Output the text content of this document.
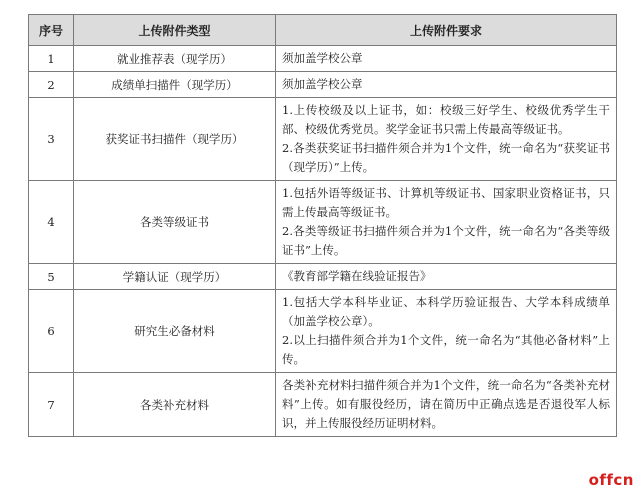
序号	上传附件类型	上传附件要求
1	就业推荐表（现学历）	须加盖学校公章

2	成绩单扫描件（现学历）	须加盖学校公章

3	获奖证书扫描件（现学历）	1.上传校级及以上证书，如：校级三好学生、校级优秀学生干部、校级优秀党员。奖学金证书只需上传最高等级证书。

2.各类获奖证书扫描件须合并为1个文件，统一命名为“获奖证书（现学历）”上传。

4	各类等级证书	1.包括外语等级证书、计算机等级证书、国家职业资格证书，只需上传最高等级证书。

2.各类等级证书扫描件须合并为1个文件，统一命名为“各类等级证书”上传。

5	学籍认证（现学历）	《教育部学籍在线验证报告》

6	研究生必备材料	1.包括大学本科毕业证、本科学历验证报告、大学本科成绩单（加盖学校公章）。

2.以上扫描件须合并为1个文件，统一命名为“其他必备材料”上传。

7	各类补充材料	各类补充材料扫描件须合并为1个文件，统一命名为“各类补充材料”上传。如有服役经历，请在简历中正确点选是否退役军人标识，并上传服役经历证明材料。

offcn
